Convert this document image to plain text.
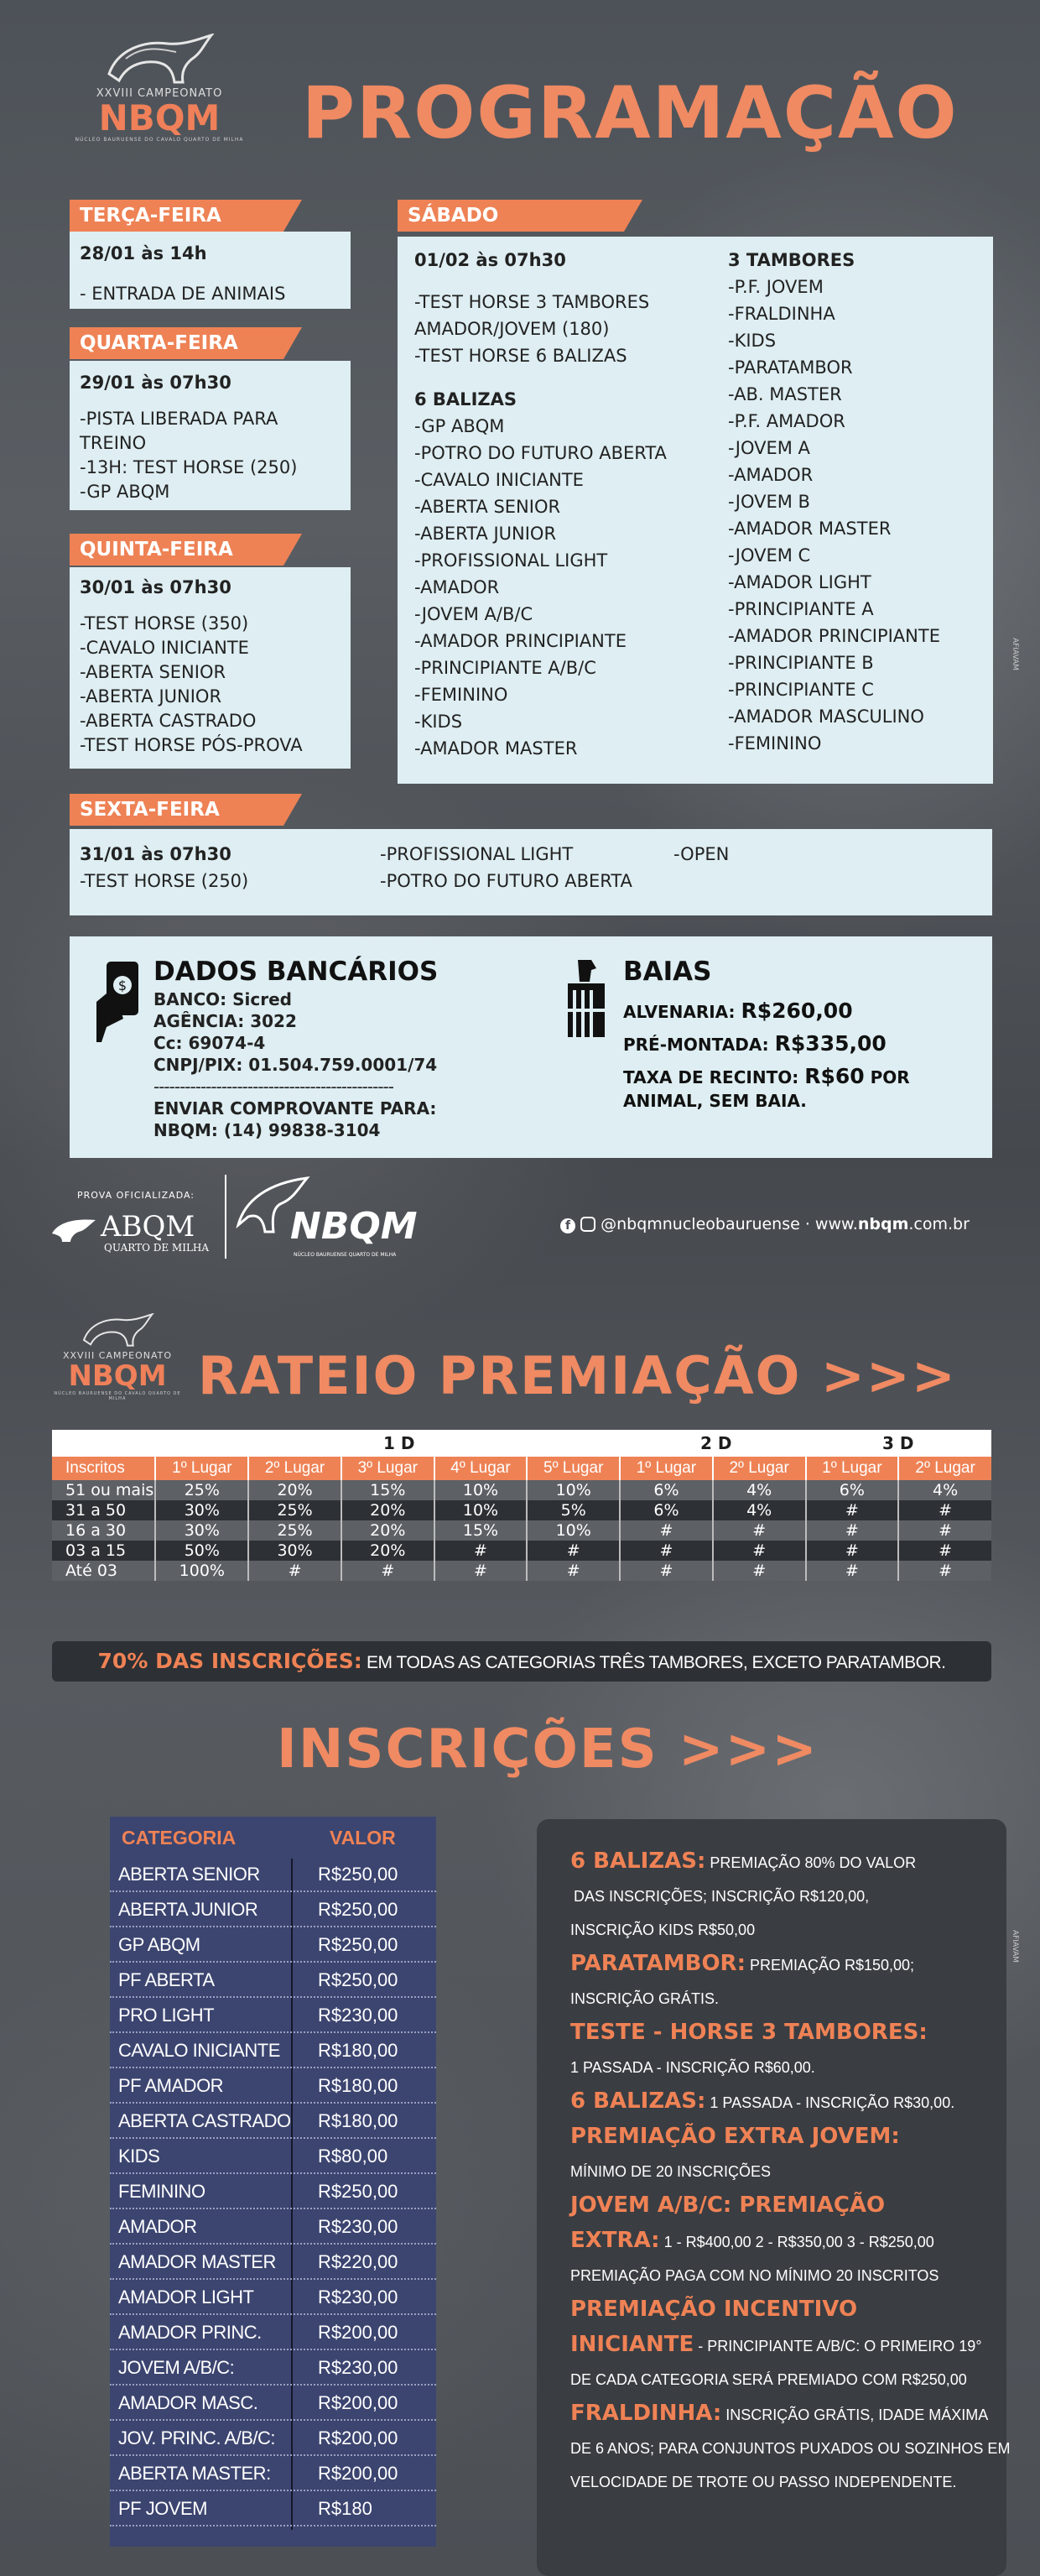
XXVIII CAMPEONATO
NBQM
NÚCLEO BAURUENSE DO CAVALO QUARTO DE MILHA PROGRAMAÇÃO
TERÇA-FEIRA
28/01 às 14h
- ENTRADA DE ANIMAIS
QUARTA-FEIRA
29/01 às 07h30
-PISTA LIBERADA PARA
TREINO
-13H: TEST HORSE (250)
-GP ABQM
QUINTA-FEIRA
30/01 às 07h30
-TEST HORSE (350)
-CAVALO INICIANTE
-ABERTA SENIOR
-ABERTA JUNIOR
-ABERTA CASTRADO
-TEST HORSE PÓS-PROVA
SÁBADO
01/02 às 07h30
-TEST HORSE 3 TAMBORES
AMADOR/JOVEM (180)
-TEST HORSE 6 BALIZAS
6 BALIZAS
-GP ABQM
-POTRO DO FUTURO ABERTA
-CAVALO INICIANTE
-ABERTA SENIOR
-ABERTA JUNIOR
-PROFISSIONAL LIGHT
-AMADOR
-JOVEM A/B/C
-AMADOR PRINCIPIANTE
-PRINCIPIANTE A/B/C
-FEMININO
-KIDS
-AMADOR MASTER
3 TAMBORES
-P.F. JOVEM
-FRALDINHA
-KIDS
-PARATAMBOR
-AB. MASTER
-P.F. AMADOR
-JOVEM A
-AMADOR
-JOVEM B
-AMADOR MASTER
-JOVEM C
-AMADOR LIGHT
-PRINCIPIANTE A
-AMADOR PRINCIPIANTE
-PRINCIPIANTE B
-PRINCIPIANTE C
-AMADOR MASCULINO
-FEMININO
SEXTA-FEIRA
31/01 às 07h30
-TEST HORSE (250)
-PROFISSIONAL LIGHT
-POTRO DO FUTURO ABERTA
-OPEN
$ DADOS BANCÁRIOS
BANCO: Sicred
AGÊNCIA: 3022
Cc: 69074-4
CNPJ/PIX: 01.504.759.0001/74
----------------------------------------------
ENVIAR COMPROVANTE PARA:
NBQM: (14) 99838-3104
BAIAS
ALVENARIA: R$260,00
PRÉ-MONTADA: R$335,00
TAXA DE RECINTO: R$60 POR
ANIMAL, SEM BAIA.
PROVA OFICIALIZADA:
ABQM
QUARTO DE MILHA NBQM
NÚCLEO BAURUENSE QUARTO DE MILHA
f @nbqmnucleobauruense · www.nbqm.com.br
AFIAVAM
XXVIII CAMPEONATO
NBQM
NÚCLEO BAURUENSE DO CAVALO QUARTO DE MILHA	RATEIO PREMIAÇÃO >>>
1 D	2 D	3 D
Inscritos	1º Lugar	2º Lugar	3º Lugar	4º Lugar	5º Lugar	1º Lugar	2º Lugar	1º Lugar	2º Lugar
51 ou mais	25%	20%	15%	10%	10%	6%	4%	6%	4%
31 a 50	30%	25%	20%	10%	5%	6%	4%	#	#
16 a 30	30%	25%	20%	15%	10%	#	#	#	#
03 a 15	50%	30%	20%	#	#	#	#	#	#
Até 03	100%	#	#	#	#	#	#	#	#
70% DAS INSCRIÇÕES: EM TODAS AS CATEGORIAS TRÊS TAMBORES, EXCETO PARATAMBOR.
INSCRIÇÕES >>>
CATEGORIA	VALOR
ABERTA SENIOR	R$250,00
ABERTA JUNIOR	R$250,00
GP ABQM	R$250,00
PF ABERTA	R$250,00
PRO LIGHT	R$230,00
CAVALO INICIANTE R$180,00
PF AMADOR	R$180,00
ABERTA CASTRADO R$180,00
KIDS	R$80,00
FEMININO	R$250,00
AMADOR	R$230,00
AMADOR MASTER R$220,00
AMADOR LIGHT	R$230,00
AMADOR PRINC.	R$200,00
JOVEM A/B/C:	R$230,00
AMADOR MASC.	R$200,00
JOV. PRINC. A/B/C: R$200,00
ABERTA MASTER:	R$200,00
PF JOVEM	R$180
6 BALIZAS: PREMIAÇÃO 80% DO VALOR
DAS INSCRIÇÕES; INSCRIÇÃO R$120,00,
INSCRIÇÃO KIDS R$50,00
PARATAMBOR: PREMIAÇÃO R$150,00;
INSCRIÇÃO GRÁTIS.
TESTE - HORSE 3 TAMBORES:
1 PASSADA - INSCRIÇÃO R$60,00.
6 BALIZAS: 1 PASSADA - INSCRIÇÃO R$30,00.
PREMIAÇÃO EXTRA JOVEM:
MÍNIMO DE 20 INSCRIÇÕES
JOVEM A/B/C: PREMIAÇÃO
EXTRA: 1 - R$400,00 2 - R$350,00 3 - R$250,00
PREMIAÇÃO PAGA COM NO MÍNIMO 20 INSCRITOS
PREMIAÇÃO INCENTIVO
INICIANTE - PRINCIPIANTE A/B/C: O PRIMEIRO 19°
DE CADA CATEGORIA SERÁ PREMIADO COM R$250,00
FRALDINHA: INSCRIÇÃO GRÁTIS, IDADE MÁXIMA
DE 6 ANOS; PARA CONJUNTOS PUXADOS OU SOZINHOS EM
VELOCIDADE DE TROTE OU PASSO INDEPENDENTE.
AFIAVAM
